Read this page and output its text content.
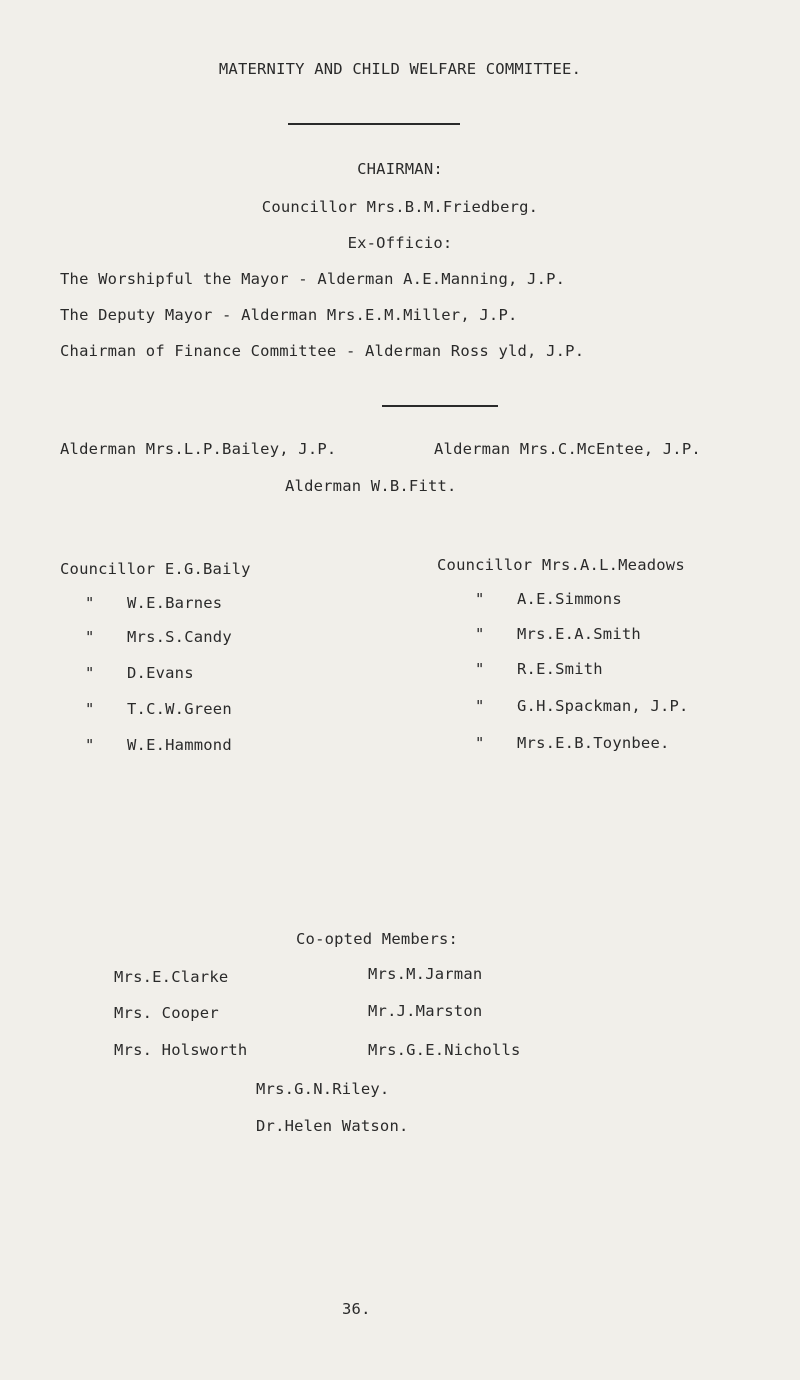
MATERNITY AND CHILD WELFARE COMMITTEE.
CHAIRMAN:
Councillor Mrs.B.M.Friedberg.
Ex-Officio:
The Worshipful the Mayor - Alderman A.E.Manning, J.P.
The Deputy Mayor - Alderman Mrs.E.M.Miller, J.P.
Chairman of Finance Committee - Alderman Ross yld, J.P.
Alderman Mrs.L.P.Bailey, J.P.	Alderman Mrs.C.McEntee, J.P.
Alderman W.B.Fitt.
Councillor E.G.Baily
" W.E.Barnes
" Mrs.S.Candy
" D.Evans
" T.C.W.Green
" W.E.Hammond
Councillor Mrs.A.L.Meadows
" A.E.Simmons
" Mrs.E.A.Smith
" R.E.Smith
" G.H.Spackman, J.P.
" Mrs.E.B.Toynbee.
Co-opted Members:
Mrs.E.Clarke
Mrs. Cooper
Mrs. Holsworth
Mrs.M.Jarman
Mr.J.Marston
Mrs.G.E.Nicholls
Mrs.G.N.Riley.
Dr.Helen Watson.
36.
